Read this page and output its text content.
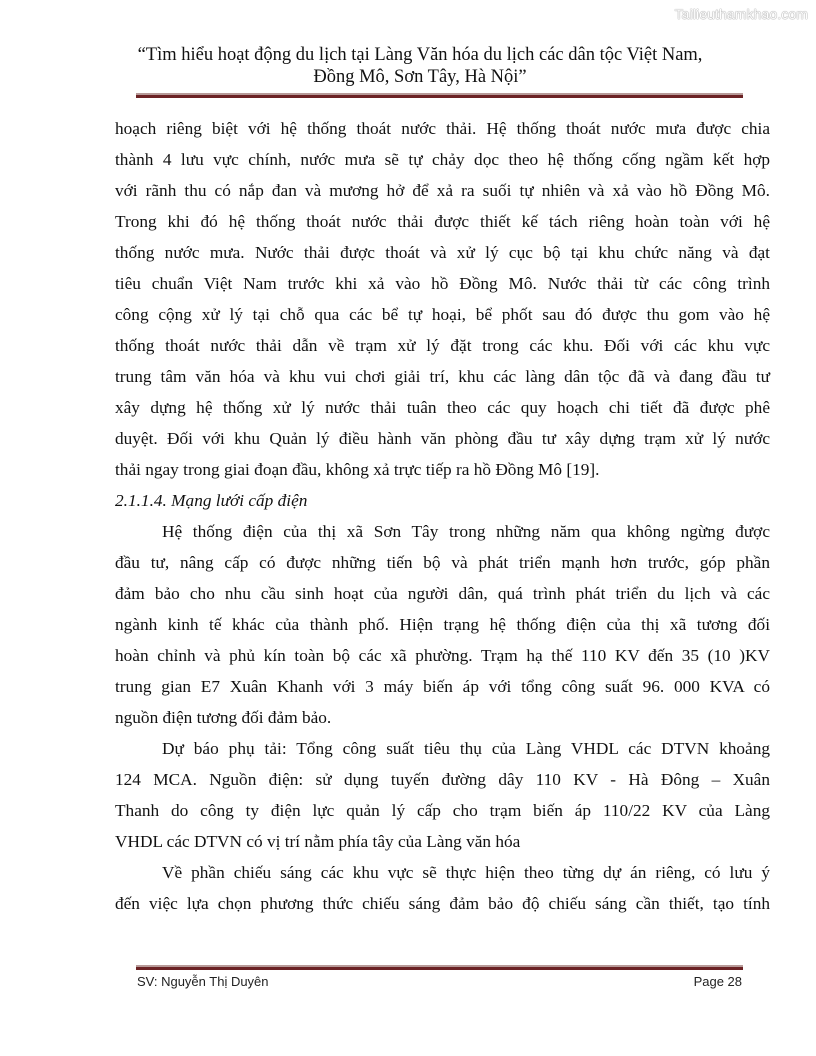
Tailieuthamkhao.com
“Tìm hiểu hoạt động du lịch tại Làng Văn hóa du lịch các dân tộc Việt Nam,
Đồng Mô, Sơn Tây, Hà Nội”
hoạch riêng biệt với hệ thống thoát nước thải. Hệ thống thoát nước mưa được chia
thành 4 lưu vực chính, nước mưa sẽ tự chảy dọc theo hệ thống cống ngầm kết hợp
với rãnh thu có nắp đan và mương hở để xả ra suối tự nhiên và xả vào hồ Đồng Mô.
Trong khi đó hệ thống thoát nước thải được thiết kế tách riêng hoàn toàn với hệ
thống nước mưa. Nước thải được thoát và xử lý cục bộ tại khu chức năng và đạt
tiêu chuẩn Việt Nam trước khi xả vào hồ Đồng Mô. Nước thải từ các công trình
công cộng xử lý tại chỗ qua các bể tự hoại, bể phốt sau đó được thu gom vào hệ
thống thoát nước thải dẫn về trạm xử lý đặt trong các khu. Đối với các khu vực
trung tâm văn hóa và khu vui chơi giải trí, khu các làng dân tộc đã và đang đầu tư
xây dựng hệ thống xử lý nước thải tuân theo các quy hoạch chi tiết đã được phê
duyệt. Đối với khu Quản lý điều hành văn phòng đầu tư xây dựng trạm xử lý nước
thải ngay trong giai đoạn đầu, không xả trực tiếp ra hồ Đồng Mô [19].
2.1.1.4. Mạng lưới cấp điện
Hệ thống điện của thị xã Sơn Tây trong những năm qua không ngừng được
đầu tư, nâng cấp có được những tiến bộ và phát triển mạnh hơn trước, góp phần
đảm bảo cho nhu cầu sinh hoạt của người dân, quá trình phát triển du lịch và các
ngành kinh tế khác của thành phố. Hiện trạng hệ thống điện của thị xã tương đối
hoàn chỉnh và phủ kín toàn bộ các xã phường. Trạm hạ thế 110 KV đến 35 (10 )KV
trung gian E7 Xuân Khanh với 3 máy biến áp với tổng công suất 96. 000 KVA có
nguồn điện tương đối đảm bảo.
Dự báo phụ tải: Tổng công suất tiêu thụ của Làng VHDL các DTVN khoảng
124 MCA. Nguồn điện: sử dụng tuyến đường dây 110 KV - Hà Đông – Xuân
Thanh do công ty điện lực quản lý cấp cho trạm biến áp 110/22 KV của Làng
VHDL các DTVN có vị trí nằm phía tây của Làng văn hóa
Về phần chiếu sáng các khu vực sẽ thực hiện theo từng dự án riêng, có lưu ý
đến việc lựa chọn phương thức chiếu sáng đảm bảo độ chiếu sáng cần thiết, tạo tính
SV: Nguyễn Thị Duyên	Page 28
